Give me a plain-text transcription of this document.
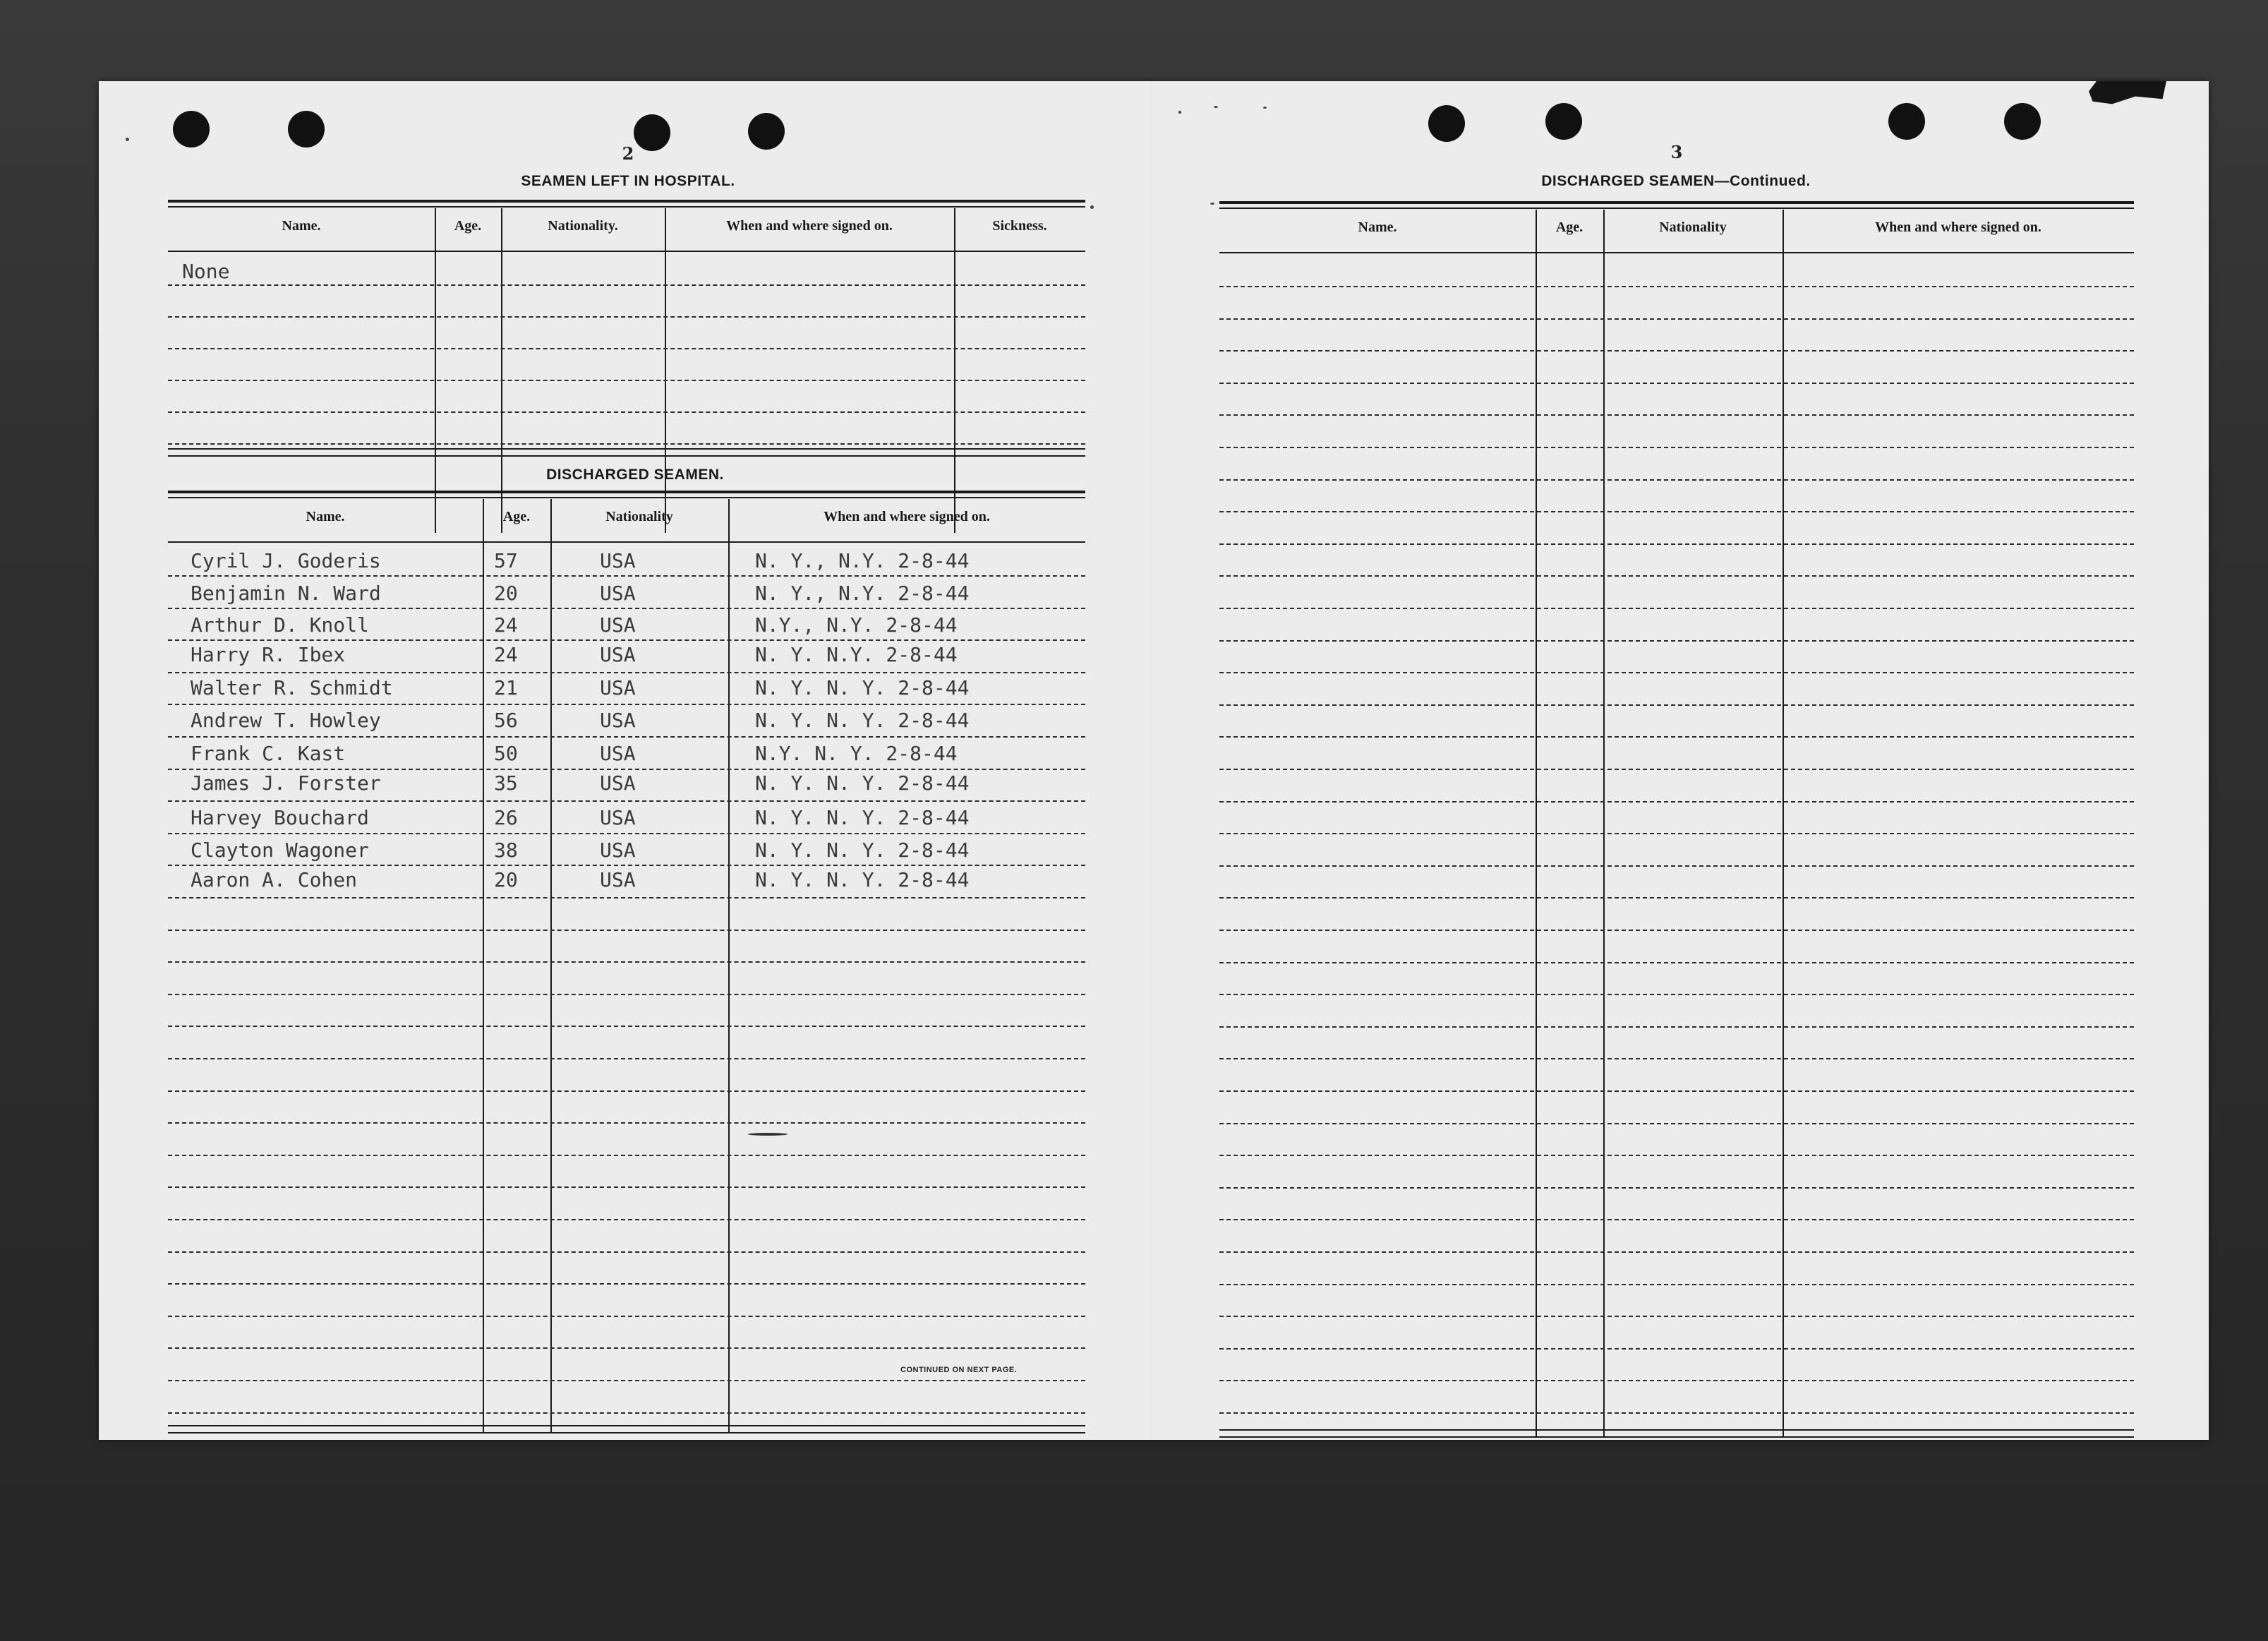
2
SEAMEN LEFT IN HOSPITAL.
Name.	Age.	Nationality.	When and where signed on.	Sickness.
None
DISCHARGED SEAMEN.
Name.	Age.	Nationality	When and where signed on.
Cyril J. Goderis	57	USA	N. Y., N.Y. 2-8-44
Benjamin N. Ward	20	USA	N. Y., N.Y. 2-8-44
Arthur D. Knoll	24	USA	N.Y., N.Y. 2-8-44
Harry R. Ibex	24	USA	N. Y. N.Y. 2-8-44
Walter R. Schmidt	21	USA	N. Y. N. Y. 2-8-44
Andrew T. Howley	56	USA	N. Y. N. Y. 2-8-44
Frank C. Kast	50	USA	N.Y. N. Y. 2-8-44
James J. Forster	35	USA	N. Y. N. Y. 2-8-44
Harvey Bouchard	26	USA	N. Y. N. Y. 2-8-44
Clayton Wagoner	38	USA	N. Y. N. Y. 2-8-44
Aaron A. Cohen	20	USA	N. Y. N. Y. 2-8-44
CONTINUED ON NEXT PAGE.
3
DISCHARGED SEAMEN—Continued.
Name.	Age.	Nationality	When and where signed on.
